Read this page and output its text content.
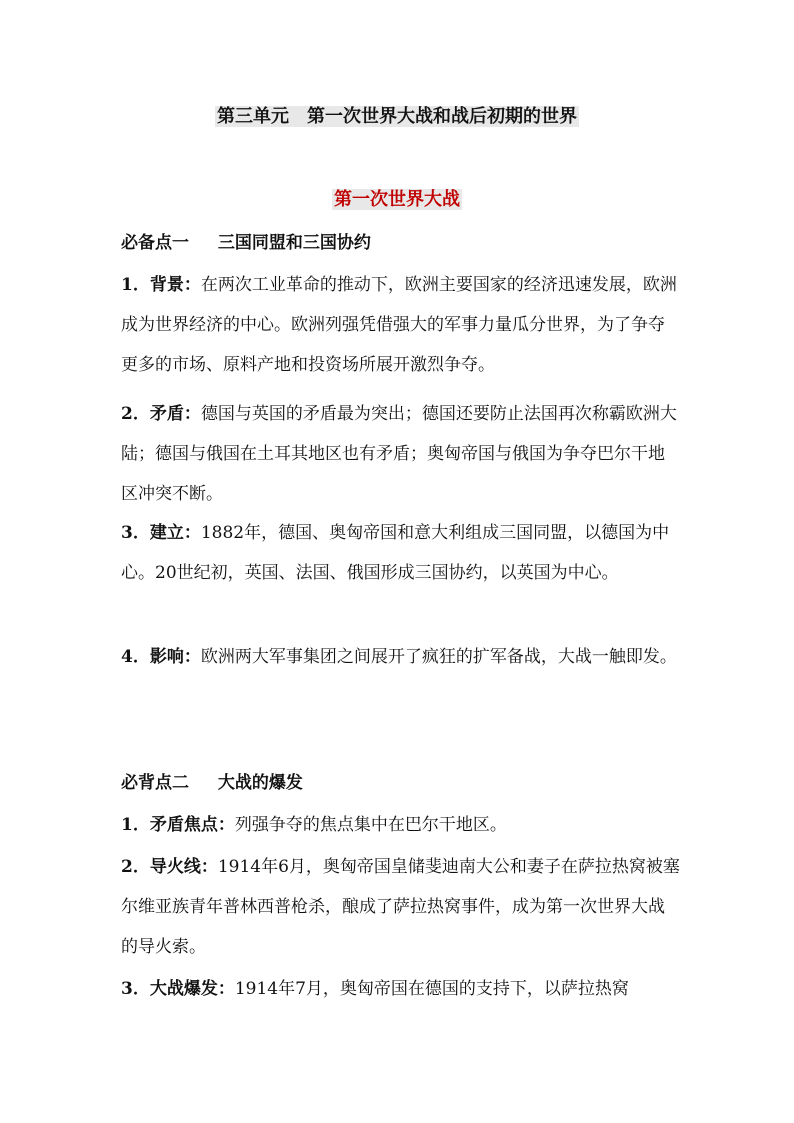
第三单元　第一次世界大战和战后初期的世界
第一次世界大战
必备点一　  三国同盟和三国协约
1．背景：在两次工业革命的推动下，欧洲主要国家的经济迅速发展，欧洲成为世界经济的中心。欧洲列强凭借强大的军事力量瓜分世界，为了争夺更多的市场、原料产地和投资场所展开激烈争夺。
2．矛盾：德国与英国的矛盾最为突出；德国还要防止法国再次称霸欧洲大陆；德国与俄国在土耳其地区也有矛盾；奥匈帝国与俄国为争夺巴尔干地区冲突不断。
3．建立：1882年，德国、奥匈帝国和意大利组成三国同盟，以德国为中心。20世纪初，英国、法国、俄国形成三国协约，以英国为中心。
4．影响：欧洲两大军事集团之间展开了疯狂的扩军备战，大战一触即发。
必背点二　  大战的爆发
1．矛盾焦点：列强争夺的焦点集中在巴尔干地区。
2．导火线：1914年6月，奥匈帝国皇储斐迪南大公和妻子在萨拉热窝被塞尔维亚族青年普林西普枪杀，酿成了萨拉热窝事件，成为第一次世界大战的导火索。
3．大战爆发：1914年7月，奥匈帝国在德国的支持下，以萨拉热窝
